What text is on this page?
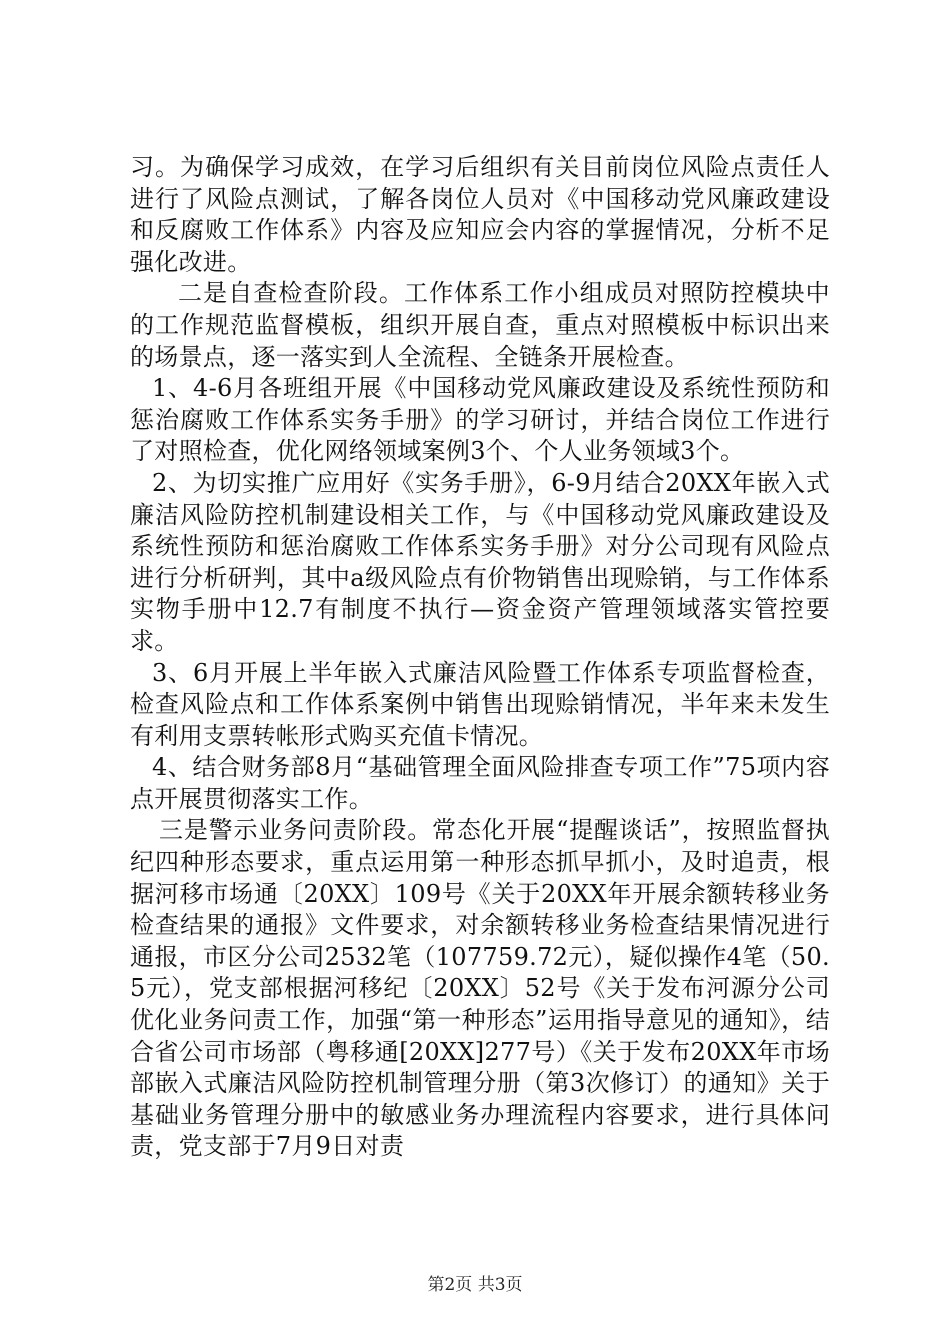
习。为确保学习成效，在学习后组织有关目前岗位风险点责任人进行了风险点测试，了解各岗位人员对《中国移动党风廉政建设和反腐败工作体系》内容及应知应会内容的掌握情况，分析不足强化改进。

二是自查检查阶段。工作体系工作小组成员对照防控模块中的工作规范监督模板，组织开展自查，重点对照模板中标识出来的场景点，逐一落实到人全流程、全链条开展检查。

1、4-6月各班组开展《中国移动党风廉政建设及系统性预防和惩治腐败工作体系实务手册》的学习研讨，并结合岗位工作进行了对照检查，优化网络领域案例3个、个人业务领域3个。

2、为切实推广应用好《实务手册》，6-9月结合20XX年嵌入式廉洁风险防控机制建设相关工作，与《中国移动党风廉政建设及系统性预防和惩治腐败工作体系实务手册》对分公司现有风险点进行分析研判，其中a级风险点有价物销售出现赊销，与工作体系实物手册中12.7有制度不执行—资金资产管理领域落实管控要求。

3、6月开展上半年嵌入式廉洁风险暨工作体系专项监督检查，检查风险点和工作体系案例中销售出现赊销情况，半年来未发生有利用支票转帐形式购买充值卡情况。

4、结合财务部8月“基础管理全面风险排查专项工作”75项内容点开展贯彻落实工作。

三是警示业务问责阶段。常态化开展“提醒谈话”，按照监督执纪四种形态要求，重点运用第一种形态抓早抓小，及时追责，根据河移市场通〔20XX〕109号《关于20XX年开展余额转移业务检查结果的通报》文件要求，对余额转移业务检查结果情况进行通报，市区分公司2532笔（107759.72元），疑似操作4笔（50.5元），党支部根据河移纪〔20XX〕52号《关于发布河源分公司优化业务问责工作，加强“第一种形态”运用指导意见的通知》，结合省公司市场部（粤移通[20XX]277号）《关于发布20XX年市场部嵌入式廉洁风险防控机制管理分册（第3次修订）的通知》关于基础业务管理分册中的敏感业务办理流程内容要求，进行具体问责，党支部于7月9日对责

第2页 共3页
